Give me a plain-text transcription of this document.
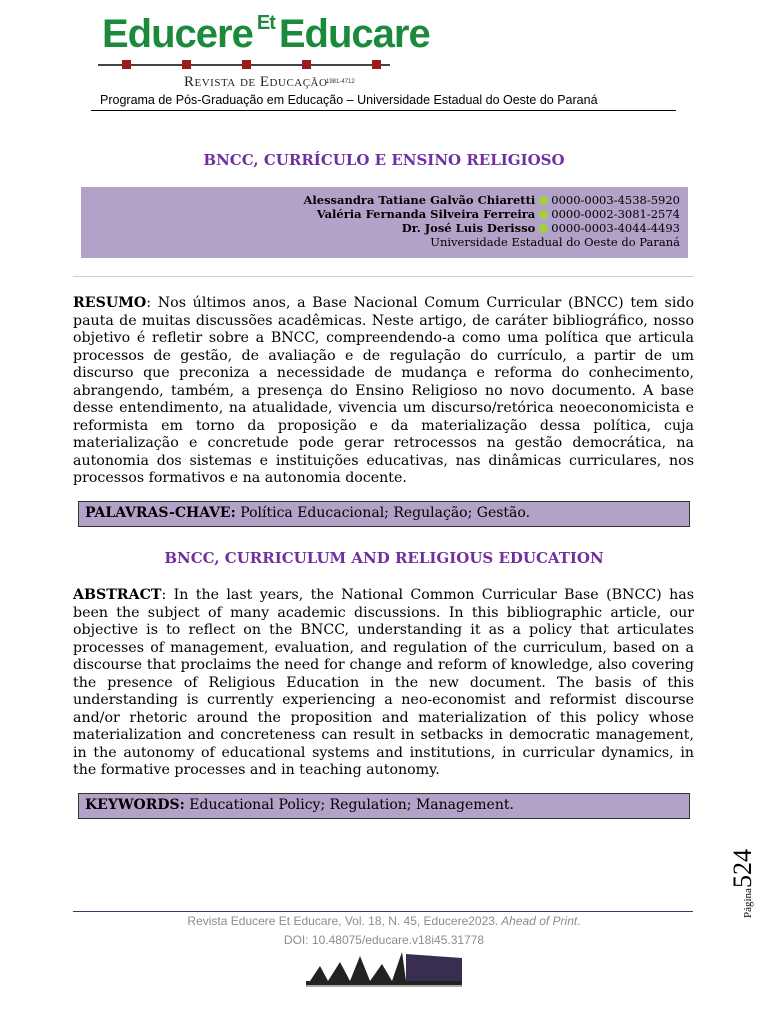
Educere $^{Et}$ Educare
Revista de Educação
1981-4712
Programa de Pós-Graduação em Educação – Universidade Estadual do Oeste do Paraná
BNCC, CURRÍCULO E ENSINO RELIGIOSO
Alessandra Tatiane Galvão Chiaretti 0000-0003-4538-5920
Valéria Fernanda Silveira Ferreira 0000-0002-3081-2574
Dr. José Luis Derisso 0000-0003-4044-4493
Universidade Estadual do Oeste do Paraná

RESUMO: Nos últimos anos, a Base Nacional Comum Curricular (BNCC) tem sido pauta de muitas discussões acadêmicas. Neste artigo, de caráter bibliográfico, nosso objetivo é refletir sobre a BNCC, compreendendo-a como uma política que articula processos de gestão, de avaliação e de regulação do currículo, a partir de um discurso que preconiza a necessidade de mudança e reforma do conhecimento, abrangendo, também, a presença do Ensino Religioso no novo documento. A base desse entendimento, na atualidade, vivencia um discurso/retórica neoeconomicista e reformista em torno da proposição e da materialização dessa política, cuja materialização e concretude pode gerar retrocessos na gestão democrática, na autonomia dos sistemas e instituições educativas, nas dinâmicas curriculares, nos processos formativos e na autonomia docente.

PALAVRAS-CHAVE: Política Educacional; Regulação; Gestão.
BNCC, CURRICULUM AND RELIGIOUS EDUCATION

ABSTRACT: In the last years, the National Common Curricular Base (BNCC) has been the subject of many academic discussions. In this bibliographic article, our objective is to reflect on the BNCC, understanding it as a policy that articulates processes of management, evaluation, and regulation of the curriculum, based on a discourse that proclaims the need for change and reform of knowledge, also covering the presence of Religious Education in the new document. The basis of this understanding is currently experiencing a neo-economist and reformist discourse and/or rhetoric around the proposition and materialization of this policy whose materialization and concreteness can result in setbacks in democratic management, in the autonomy of educational systems and institutions, in curricular dynamics, in the formative processes and in teaching autonomy.

KEYWORDS: Educational Policy; Regulation; Management.
Página524
Revista Educere Et Educare, Vol. 18, N. 45, Educere2023. Ahead of Print.
DOI: 10.48075/educare.v18i45.31778
